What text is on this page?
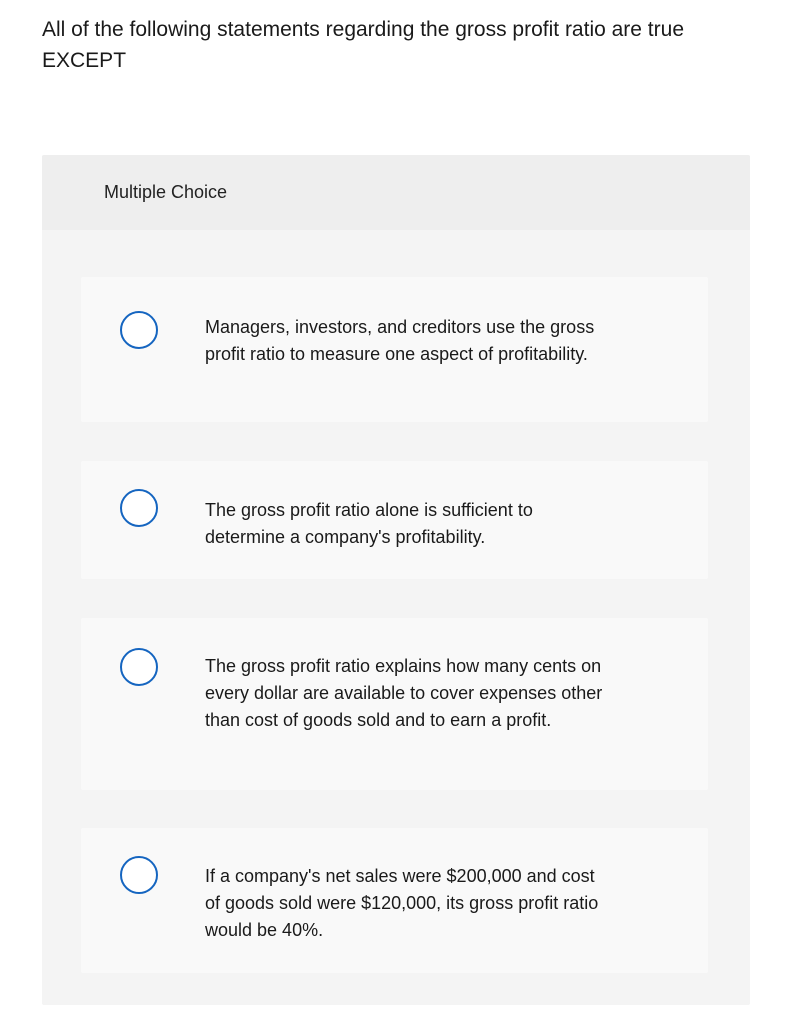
All of the following statements regarding the gross profit ratio are true EXCEPT
Multiple Choice
Managers, investors, and creditors use the gross profit ratio to measure one aspect of profitability.
The gross profit ratio alone is sufficient to determine a company's profitability.
The gross profit ratio explains how many cents on every dollar are available to cover expenses other than cost of goods sold and to earn a profit.
If a company's net sales were $200,000 and cost of goods sold were $120,000, its gross profit ratio would be 40%.
